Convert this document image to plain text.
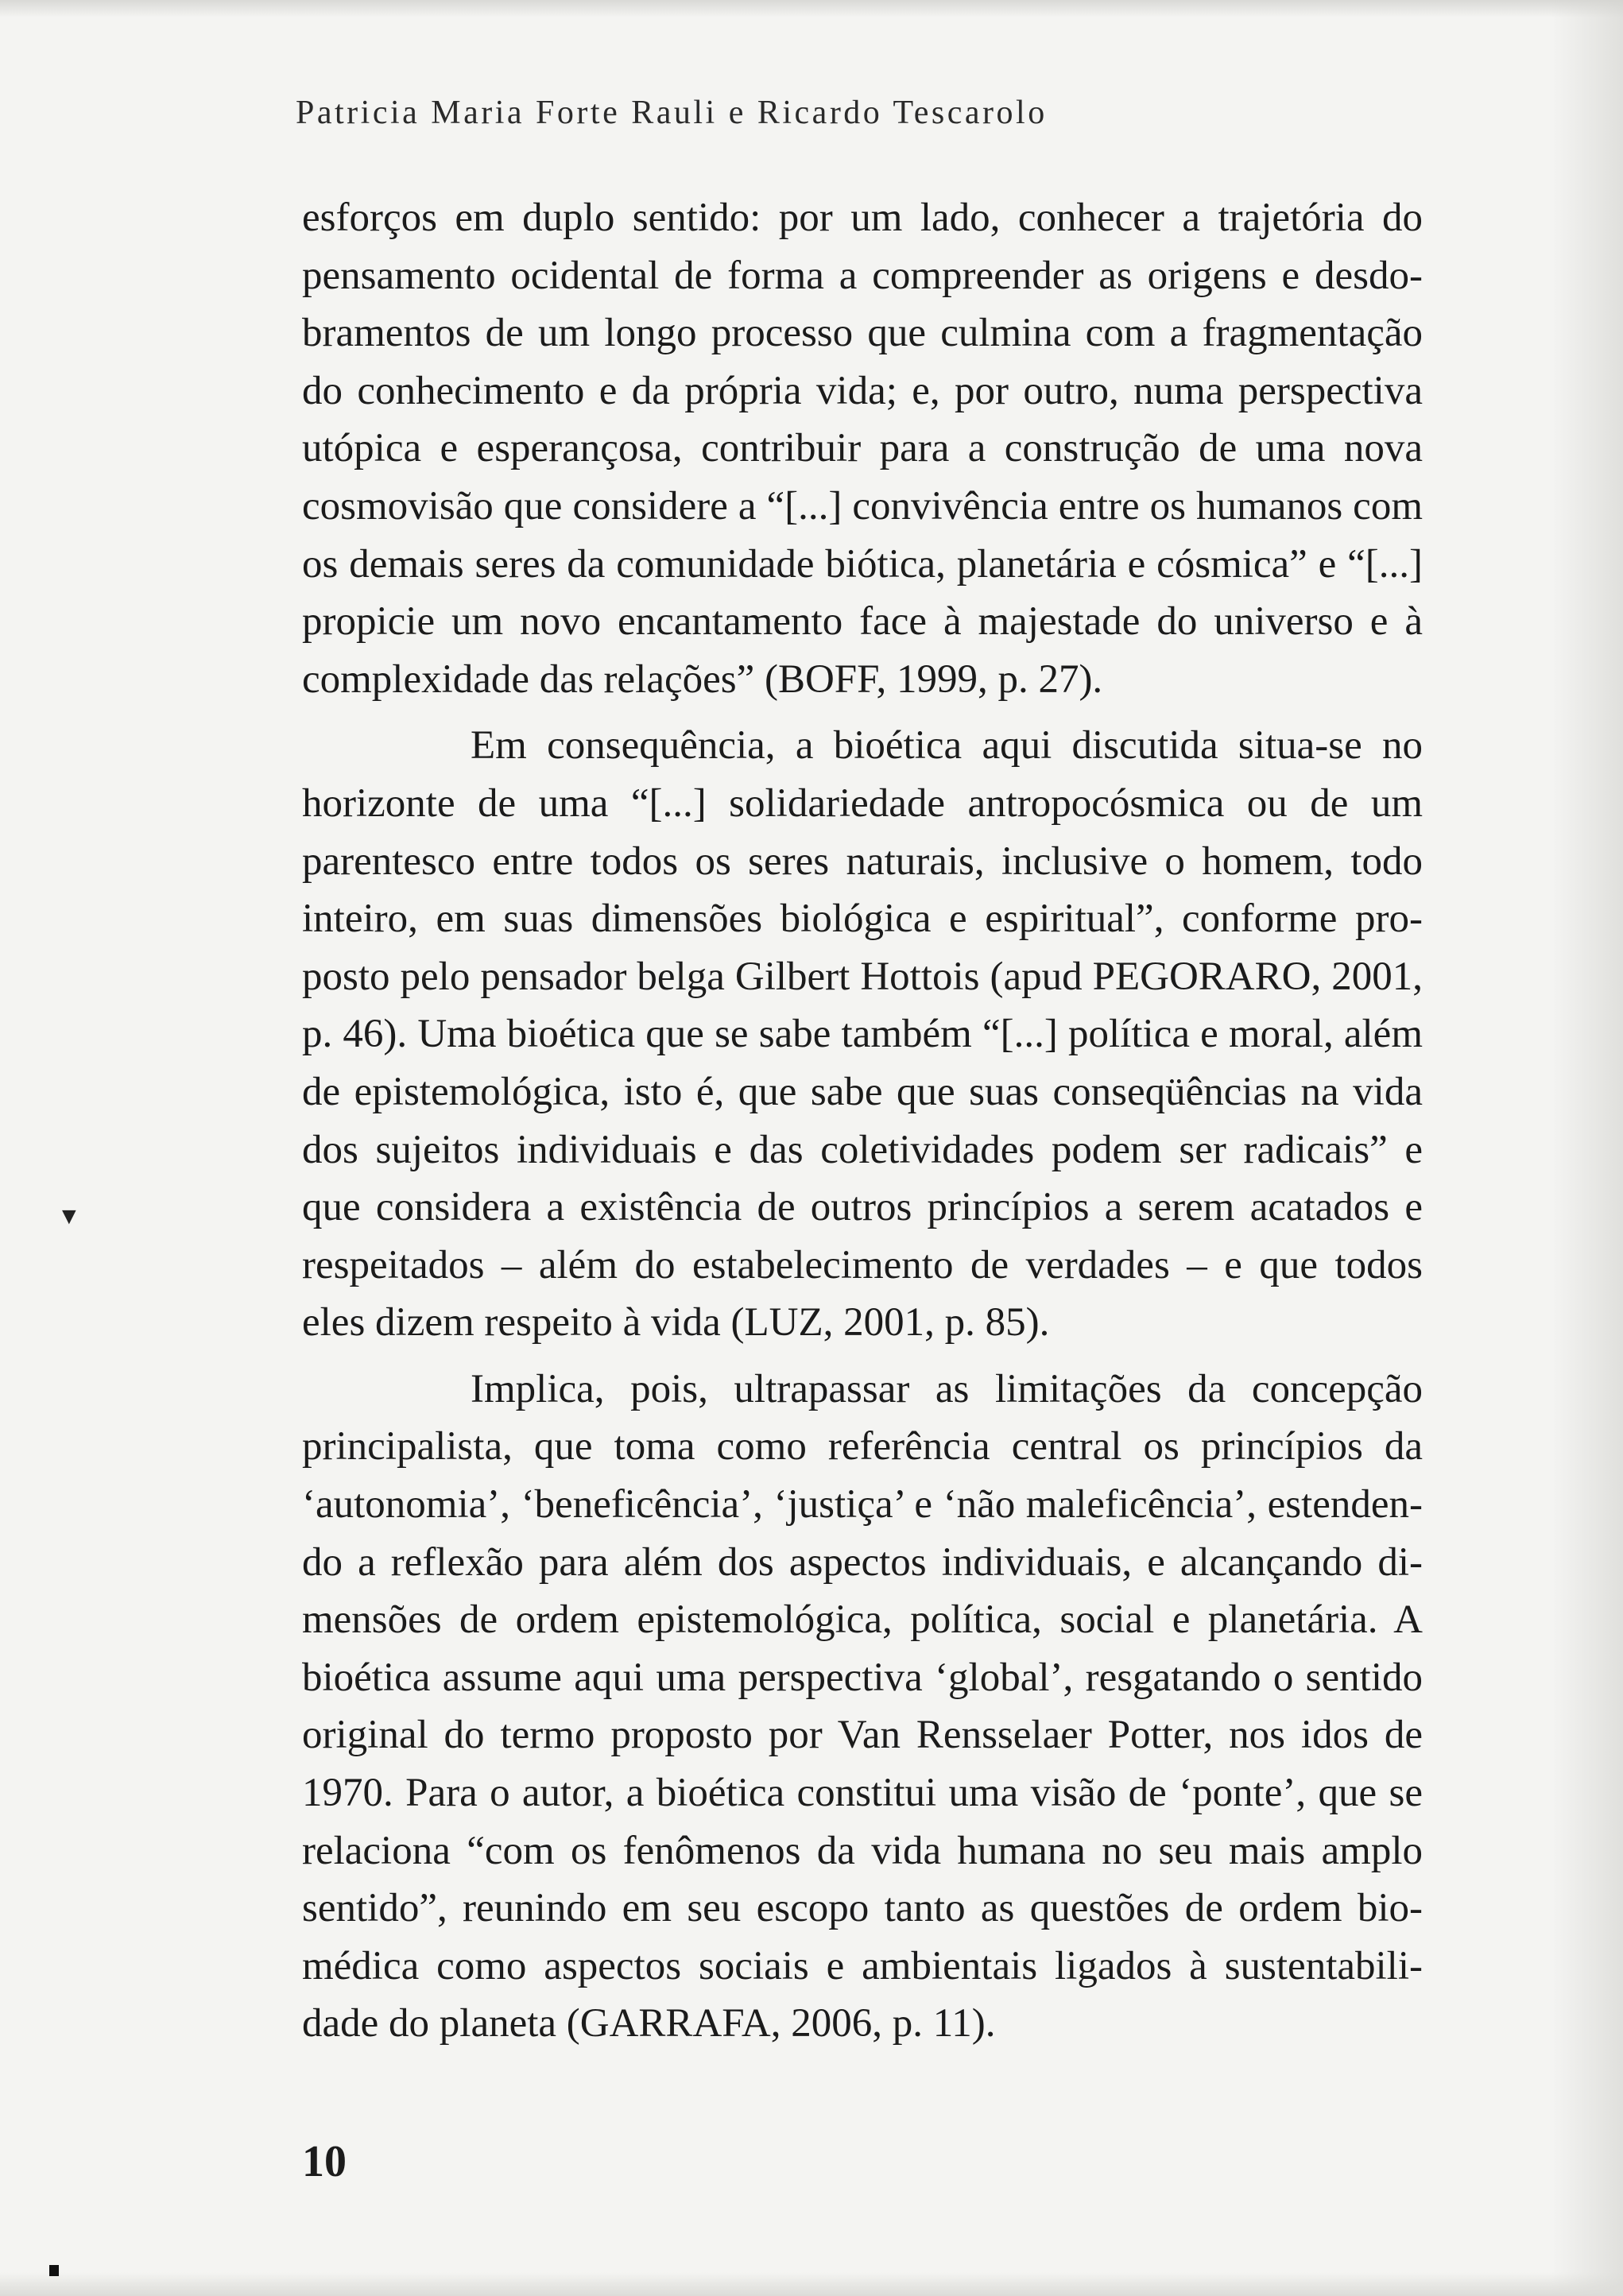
▼
Patricia Maria Forte Rauli e Ricardo Tescarolo

esforços em duplo sentido: por um lado, conhecer a trajetória do pensamento ocidental de forma a compreender as origens e desdobramentos de um longo processo que culmina com a fragmentação do conhecimento e da própria vida; e, por outro, numa perspectiva utópica e esperançosa, contribuir para a construção de uma nova cosmovisão que considere a “[...] convivência entre os humanos com os demais seres da comunidade biótica, planetária e cósmica” e “[...] propicie um novo encantamento face à majestade do universo e à complexidade das relações” (BOFF, 1999, p. 27).

Em consequência, a bioética aqui discutida situa-se no horizonte de uma “[...] solidariedade antropocósmica ou de um parentesco entre todos os seres naturais, inclusive o homem, todo inteiro, em suas dimensões biológica e espiritual”, conforme proposto pelo pensador belga Gilbert Hottois (apud PEGORARO, 2001, p. 46). Uma bioética que se sabe também “[...] política e moral, além de epistemológica, isto é, que sabe que suas conseqüências na vida dos sujeitos individuais e das coletividades podem ser radicais” e que considera a existência de outros princípios a serem acatados e respeitados – além do estabelecimento de verdades – e que todos eles dizem respeito à vida (LUZ, 2001, p. 85).

Implica, pois, ultrapassar as limitações da concepção principalista, que toma como referência central os princípios da ‘autonomia’, ‘beneficência’, ‘justiça’ e ‘não maleficência’, estendendo a reflexão para além dos aspectos individuais, e alcançando dimensões de ordem epistemológica, política, social e planetária. A bioética assume aqui uma perspectiva ‘global’, resgatando o sentido original do termo proposto por Van Rensselaer Potter, nos idos de 1970. Para o autor, a bioética constitui uma visão de ‘ponte’, que se relaciona “com os fenômenos da vida humana no seu mais amplo sentido”, reunindo em seu escopo tanto as questões de ordem biomédica como aspectos sociais e ambientais ligados à sustentabilidade do planeta (GARRAFA, 2006, p. 11).

10
